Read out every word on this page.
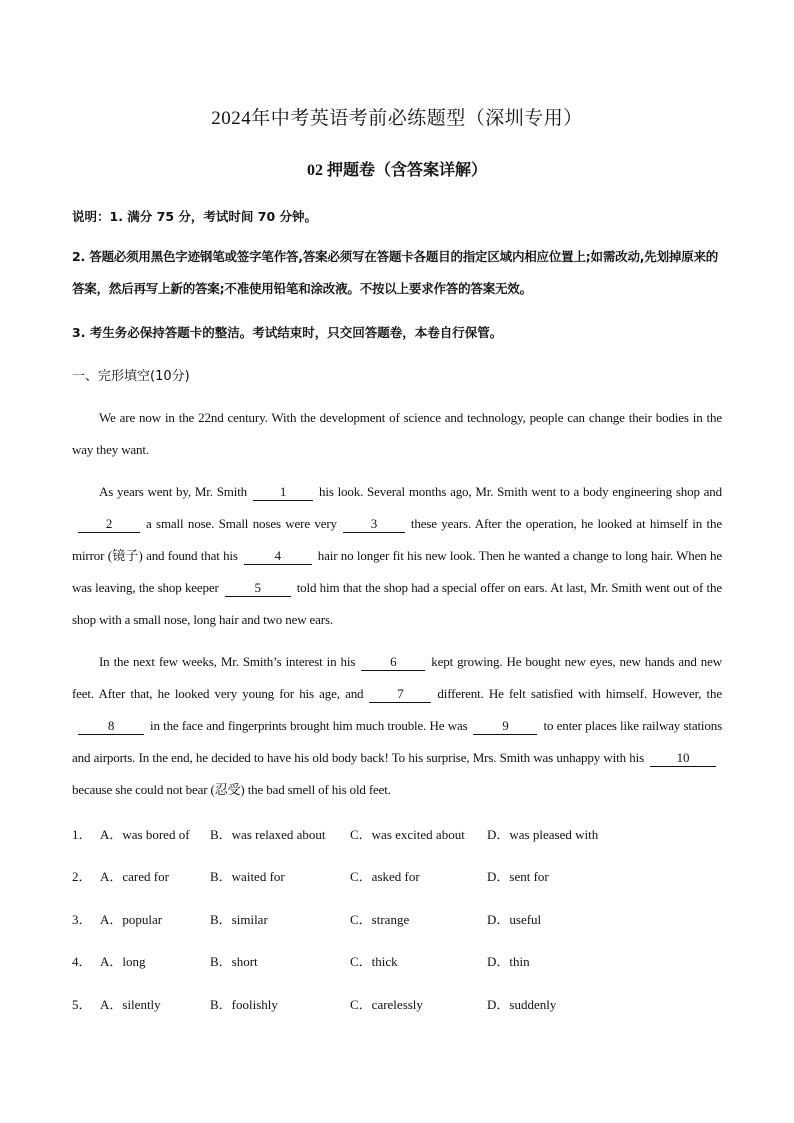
2024年中考英语考前必练题型（深圳专用）
02 押题卷（含答案详解）
说明：1. 满分 75 分，考试时间 70 分钟。
2. 答题必须用黑色字迹钢笔或签字笔作答,答案必须写在答题卡各题目的指定区域内相应位置上;如需改动,先划掉原来的答案，然后再写上新的答案;不准使用铅笔和涂改液。不按以上要求作答的答案无效。
3. 考生务必保持答题卡的整洁。考试结束时，只交回答题卷，本卷自行保管。
一、完形填空(10分)
We are now in the 22nd century. With the development of science and technology, people can change their bodies in the way they want.
As years went by, Mr. Smith	1	his look. Several months ago, Mr. Smith went to a body engineering shop and2	a small nose. Small noses were very	3	these years. After the operation, he looked at himself in the mirror (镜子) and found that his	4	hair no longer fit his new look. Then he wanted a change to long hair. When he was leaving, the shop keeper	5	told him that the shop had a special offer on ears. At last, Mr. Smith went out of the shop with a small nose, long hair and two new ears.
In the next few weeks, Mr. Smith’s interest in his	6	kept growing. He bought new eyes, new hands and new feet. After that, he looked very young for his age, and	7	different. He felt satisfied with himself. However, the8	in the face and fingerprints brought him much trouble. He was	9	to enter places like railway stations and airports. In the end, he decided to have his old body back! To his surprise, Mrs. Smith was unhappy with his	10because she could not bear (忍受) the bad smell of his old feet.
1． A．was bored of B．was relaxed about C．was excited about D．was pleased with
2． A．cared for	B．waited for	C．asked for	D．sent for
3． A．popular	B．similar	C．strange	D．useful
4． A．long	B．short	C．thick	D．thin
5． A．silently	B．foolishly	C．carelessly	D．suddenly
